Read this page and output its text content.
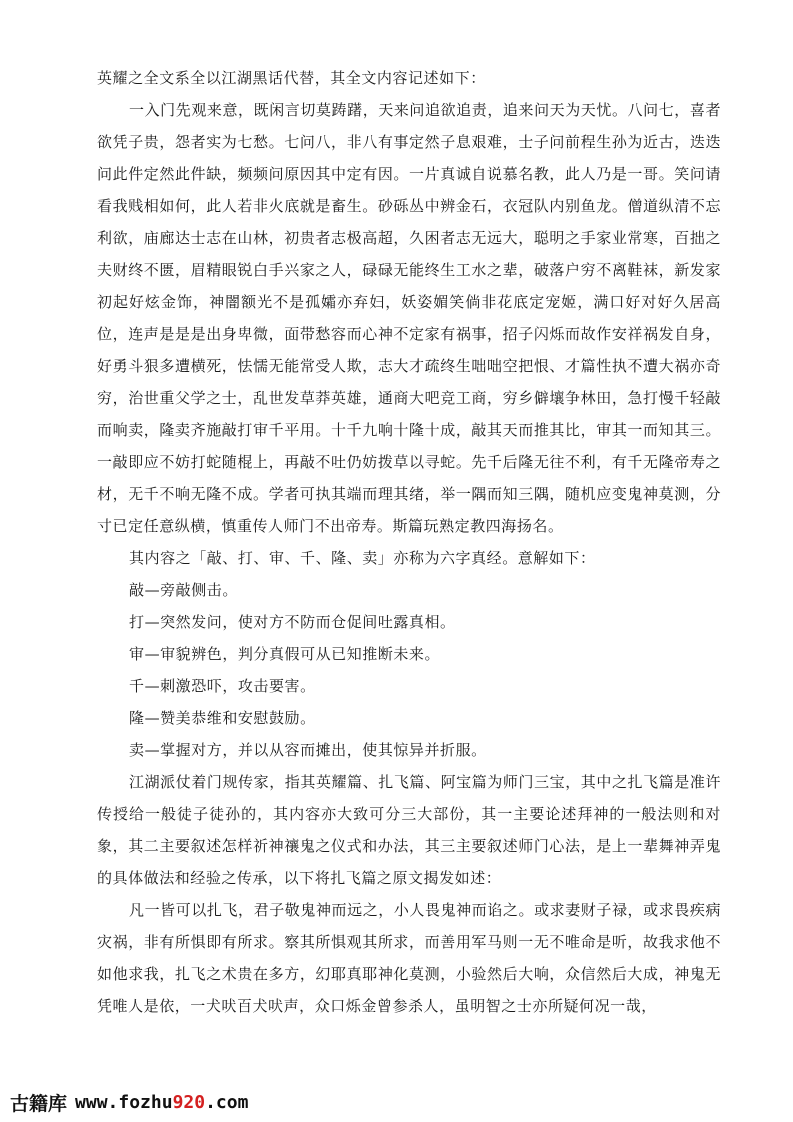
英耀之全文系全以江湖黑话代替，其全文内容记述如下：

一入门先观来意，既闲言切莫踌躇，天来问追欲追责，追来问天为天忧。八问七，喜者欲凭子贵，怨者实为七愁。七问八，非八有事定然子息艰难，士子问前程生孙为近古，迭迭问此件定然此件缺，频频问原因其中定有因。一片真诚自说慕名教，此人乃是一哥。笑问请看我贱相如何，此人若非火底就是畜生。砂砾丛中辨金石，衣冠队内别鱼龙。僧道纵清不忘利欲，庙廊达士志在山林，初贵者志极高超，久困者志无远大，聪明之手家业常寒，百拙之夫财终不匮，眉精眼锐白手兴家之人，碌碌无能终生工水之辈，破落户穷不离鞋袜，新发家初起好炫金饰，神闇额光不是孤孀亦弃妇，妖姿媚笑倘非花底定宠姬，满口好对好久居高位，连声是是是出身卑微，面带愁容而心神不定家有祸事，招子闪烁而故作安祥祸发自身，好勇斗狠多遭横死，怯懦无能常受人欺，志大才疏终生咄咄空把恨、才篇性执不遭大祸亦奇穷，治世重父学之士，乱世发草莽英雄，通商大吧竞工商，穷乡僻壤争林田，急打慢千轻敲而响卖，隆卖齐施敲打审千平用。十千九响十隆十成，敲其天而推其比，审其一而知其三。一敲即应不妨打蛇随棍上，再敲不吐仍妨拨草以寻蛇。先千后隆无往不利，有千无隆帝寿之材，无千不响无隆不成。学者可执其端而理其绪，举一隅而知三隅，随机应变鬼神莫测，分寸已定任意纵横，慎重传人师门不出帝寿。斯篇玩熟定教四海扬名。

其内容之「敲、打、审、千、隆、卖」亦称为六字真经。意解如下：

敲—旁敲侧击。

打—突然发问，使对方不防而仓促间吐露真相。

审—审貌辨色，判分真假可从已知推断未来。

千—刺激恐吓，攻击要害。

隆—赞美恭维和安慰鼓励。

卖—掌握对方，并以从容而摊出，使其惊异并折服。

江湖派仗着门规传家，指其英耀篇、扎飞篇、阿宝篇为师门三宝，其中之扎飞篇是准许传授给一般徒子徒孙的，其内容亦大致可分三大部份，其一主要论述拜神的一般法则和对象，其二主要叙述怎样祈神禳鬼之仪式和办法，其三主要叙述师门心法，是上一辈舞神弄鬼的具体做法和经验之传承，以下将扎飞篇之原文揭发如述：

凡一皆可以扎飞，君子敬鬼神而远之，小人畏鬼神而谄之。或求妻财子禄，或求畏疾病灾祸，非有所惧即有所求。察其所惧观其所求，而善用军马则一无不唯命是听，故我求他不如他求我，扎飞之术贵在多方，幻耶真耶神化莫测，小验然后大响，众信然后大成，神鬼无凭唯人是依，一犬吠百犬吠声，众口烁金曾参杀人，虽明智之士亦所疑何况一哉，

古籍库 www.fozhu920.com
